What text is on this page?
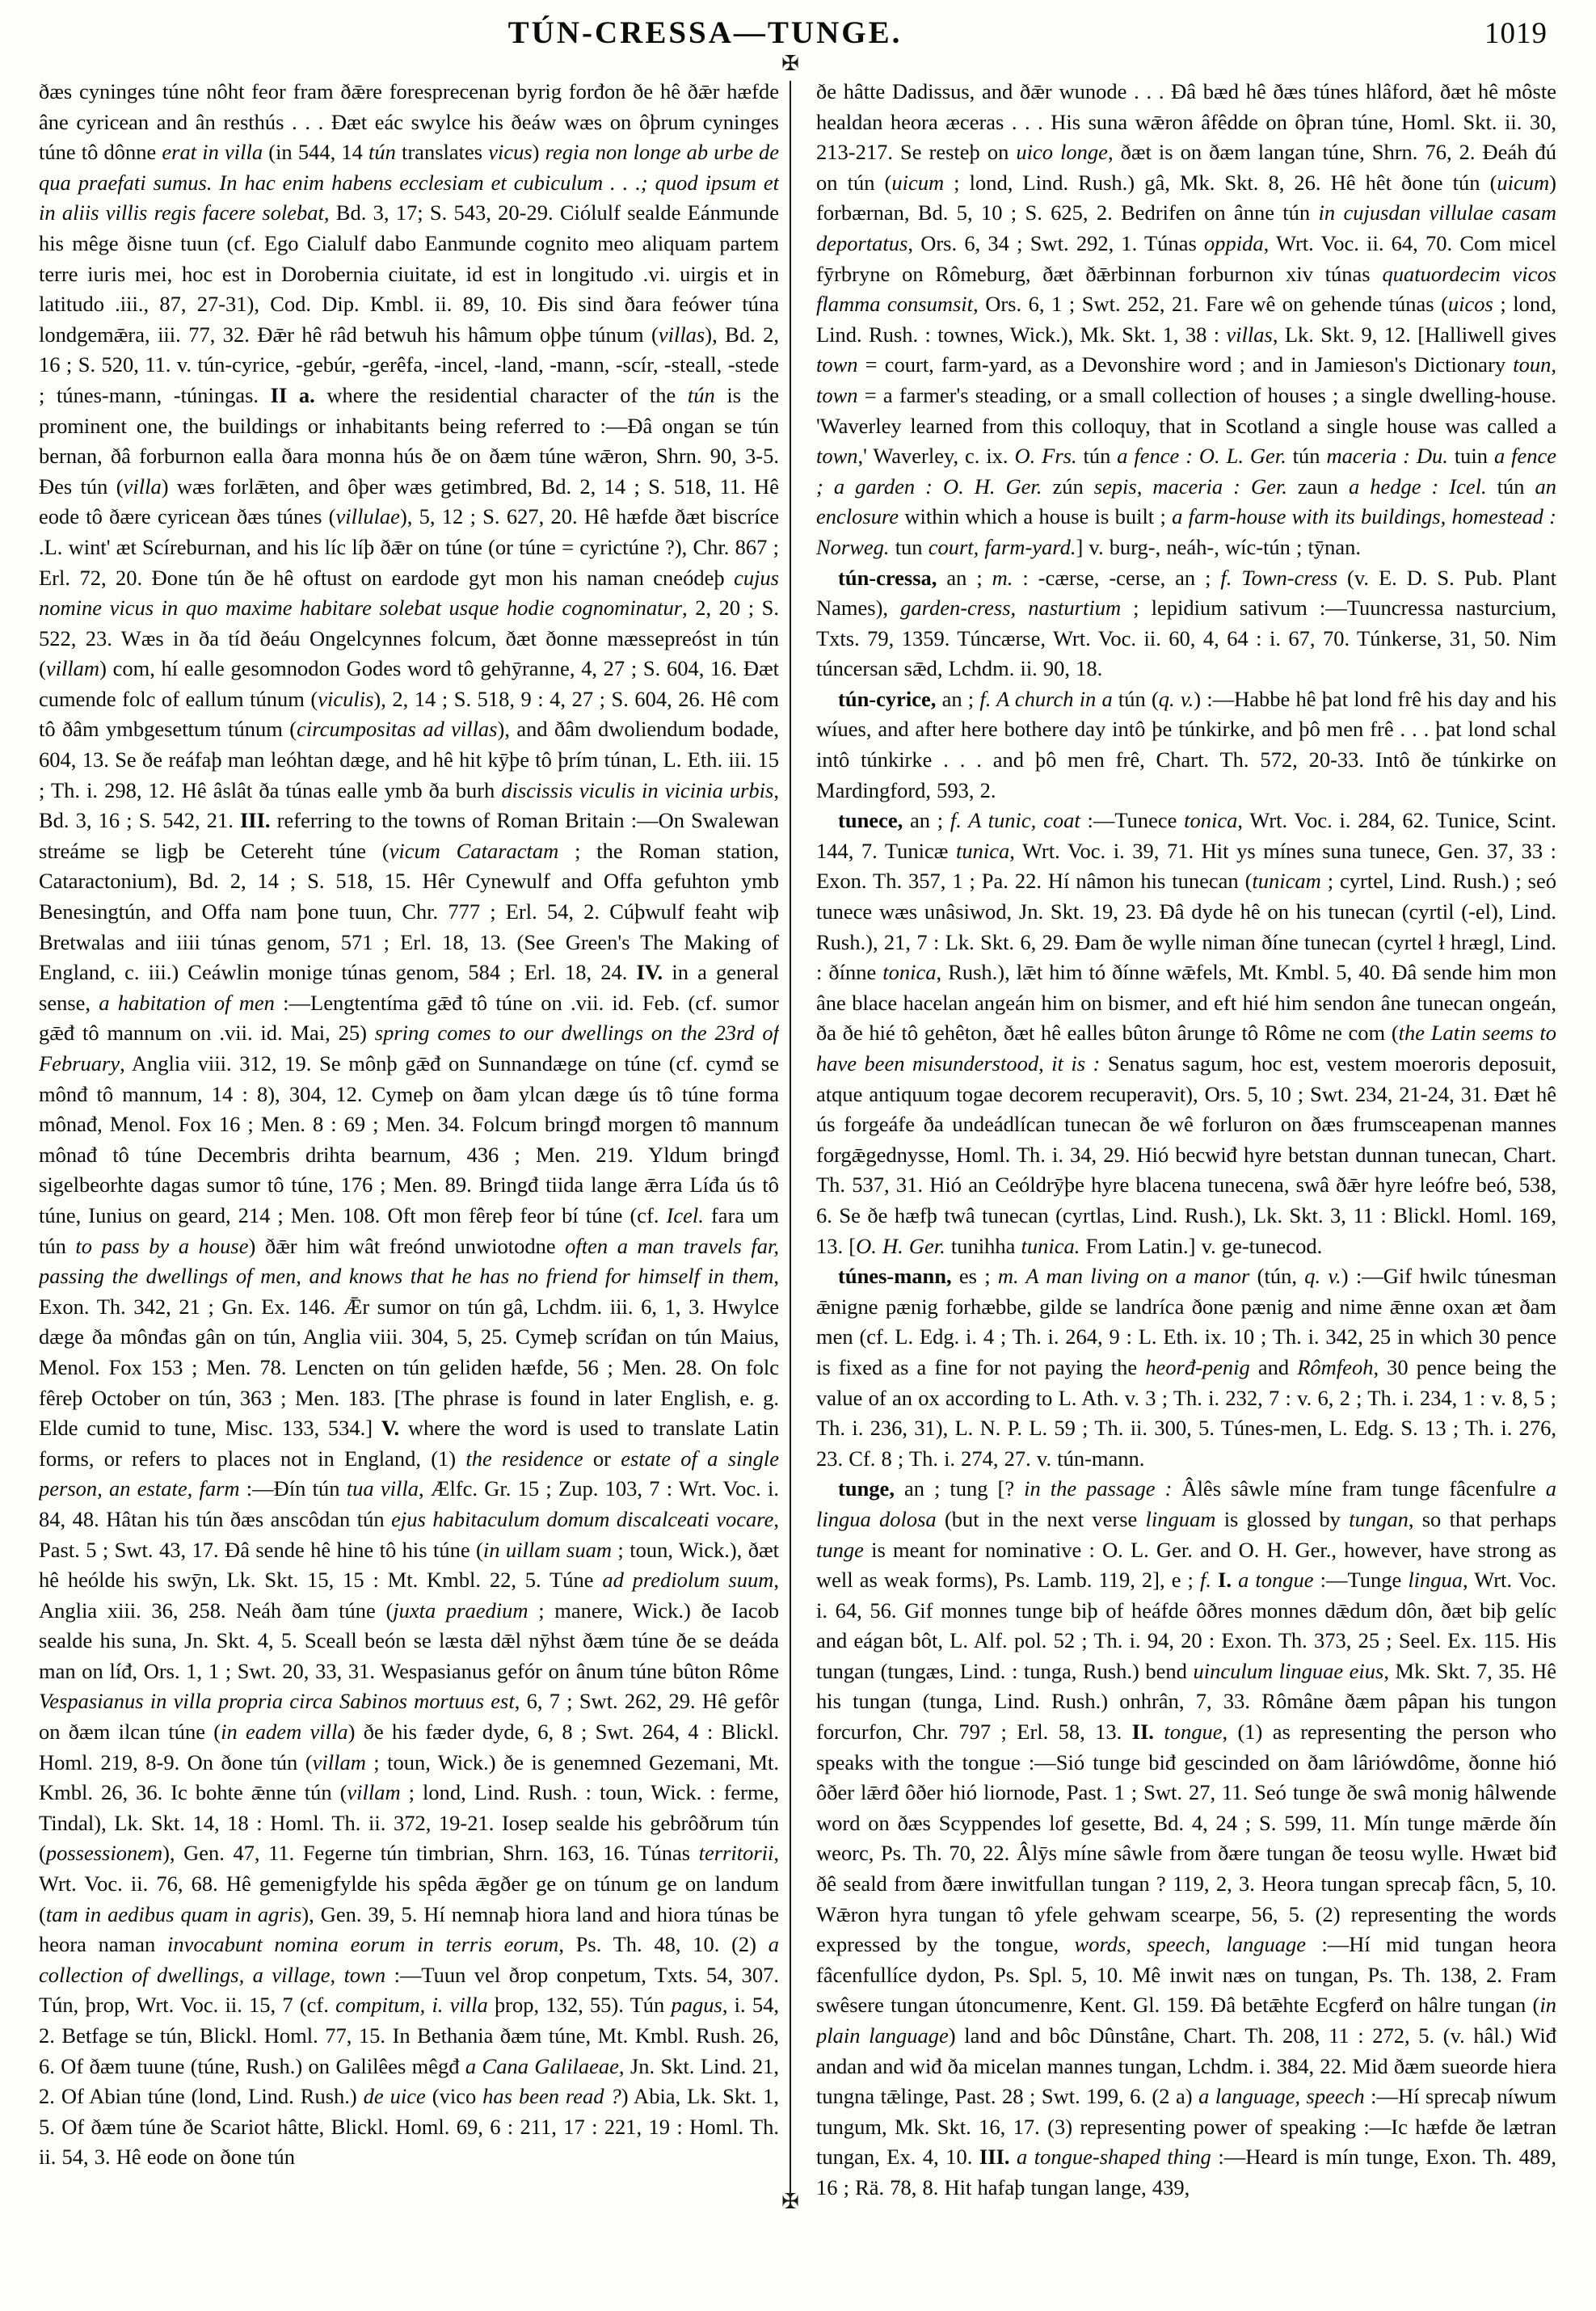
TÚN-CRESSA—TUNGE.	1019
✠
✠

ðæs cyninges túne nôht feor fram ðǣre foresprecenan byrig forđon ðe hê ðǣr hæfde âne cyricean and ân resthús . . . Ðæt eác swylce his ðeáw wæs on ôþrum cyninges túne tô dônne erat in villa (in 544, 14 tún translates vicus) regia non longe ab urbe de qua praefati sumus. In hac enim habens ecclesiam et cubiculum . . .; quod ipsum et in aliis villis regis facere solebat, Bd. 3, 17; S. 543, 20-29. Ciólulf sealde Eánmunde his mêge ðisne tuun (cf. Ego Cialulf dabo Eanmunde cognito meo aliquam partem terre iuris mei, hoc est in Dorobernia ciuitate, id est in longitudo .vi. uirgis et in latitudo .iii., 87, 27-31), Cod. Dip. Kmbl. ii. 89, 10. Ðis sind ðara feówer túna londgemǣra, iii. 77, 32. Ðǣr hê râd betwuh his hâmum oþþe túnum (villas), Bd. 2, 16 ; S. 520, 11. v. tún-cyrice, -gebúr, -gerêfa, -incel, -land, -mann, -scír, -steall, -stede ; túnes-mann, -túningas. II a. where the residential character of the tún is the prominent one, the buildings or inhabitants being referred to :—Ðâ ongan se tún bernan, ðâ forburnon ealla ðara monna hús ðe on ðæm túne wǣron, Shrn. 90, 3-5. Ðes tún (villa) wæs forlǣten, and ôþer wæs getimbred, Bd. 2, 14 ; S. 518, 11. Hê eode tô ðære cyricean ðæs túnes (villulae), 5, 12 ; S. 627, 20. Hê hæfde ðæt biscríce .L. wint' æt Scíreburnan, and his líc líþ ðǣr on túne (or túne = cyrictúne ?), Chr. 867 ; Erl. 72, 20. Ðone tún ðe hê oftust on eardode gyt mon his naman cneódeþ cujus nomine vicus in quo maxime habitare solebat usque hodie cognominatur, 2, 20 ; S. 522, 23. Wæs in ða tíd ðeáu Ongelcynnes folcum, ðæt ðonne mæssepreóst in tún (villam) com, hí ealle gesomnodon Godes word tô gehȳranne, 4, 27 ; S. 604, 16. Ðæt cumende folc of eallum túnum (viculis), 2, 14 ; S. 518, 9 : 4, 27 ; S. 604, 26. Hê com tô ðâm ymbgesettum túnum (circumpositas ad villas), and ðâm dwoliendum bodade, 604, 13. Se ðe reáfaþ man leóhtan dæge, and hê hit kȳþe tô þrím túnan, L. Eth. iii. 15 ; Th. i. 298, 12. Hê âslât ða túnas ealle ymb ða burh discissis viculis in vicinia urbis, Bd. 3, 16 ; S. 542, 21. III. referring to the towns of Roman Britain :—On Swalewan streáme se ligþ be Cetereht túne (vicum Cataractam ; the Roman station, Cataractonium), Bd. 2, 14 ; S. 518, 15. Hêr Cynewulf and Offa gefuhton ymb Benesingtún, and Offa nam þone tuun, Chr. 777 ; Erl. 54, 2. Cúþwulf feaht wiþ Bretwalas and iiii túnas genom, 571 ; Erl. 18, 13. (See Green's The Making of England, c. iii.) Ceáwlin monige túnas genom, 584 ; Erl. 18, 24. IV. in a general sense, a habitation of men :—Lengtentíma gǣđ tô túne on .vii. id. Feb. (cf. sumor gǣđ tô mannum on .vii. id. Mai, 25) spring comes to our dwellings on the 23rd of February, Anglia viii. 312, 19. Se mônþ gǣđ on Sunnandæge on túne (cf. cymđ se mônđ tô mannum, 14 : 8), 304, 12. Cymeþ on ðam ylcan dæge ús tô túne forma mônađ, Menol. Fox 16 ; Men. 8 : 69 ; Men. 34. Folcum bringđ morgen tô mannum mônađ tô túne Decembris drihta bearnum, 436 ; Men. 219. Yldum bringđ sigelbeorhte dagas sumor tô túne, 176 ; Men. 89. Bringđ tiida lange ǣrra Líđa ús tô túne, Iunius on geard, 214 ; Men. 108. Oft mon fêreþ feor bí túne (cf. Icel. fara um tún to pass by a house) ðǣr him wât freónd unwiotodne often a man travels far, passing the dwellings of men, and knows that he has no friend for himself in them, Exon. Th. 342, 21 ; Gn. Ex. 146. Ǣr sumor on tún gâ, Lchdm. iii. 6, 1, 3. Hwylce dæge ða mônđas gân on tún, Anglia viii. 304, 5, 25. Cymeþ scríđan on tún Maius, Menol. Fox 153 ; Men. 78. Lencten on tún geliden hæfde, 56 ; Men. 28. On folc fêreþ October on tún, 363 ; Men. 183. [The phrase is found in later English, e. g. Elde cumid to tune, Misc. 133, 534.] V. where the word is used to translate Latin forms, or refers to places not in England, (1) the residence or estate of a single person, an estate, farm :—Ðín tún tua villa, Ælfc. Gr. 15 ; Zup. 103, 7 : Wrt. Voc. i. 84, 48. Hâtan his tún ðæs anscôdan tún ejus habitaculum domum discalceati vocare, Past. 5 ; Swt. 43, 17. Ðâ sende hê hine tô his túne (in uillam suam ; toun, Wick.), ðæt hê heólde his swȳn, Lk. Skt. 15, 15 : Mt. Kmbl. 22, 5. Túne ad prediolum suum, Anglia xiii. 36, 258. Neáh ðam túne (juxta praedium ; manere, Wick.) ðe Iacob sealde his suna, Jn. Skt. 4, 5. Sceall beón se læsta dǣl nȳhst ðæm túne ðe se deáda man on líđ, Ors. 1, 1 ; Swt. 20, 33, 31. Wespasianus gefór on ânum túne bûton Rôme Vespasianus in villa propria circa Sabinos mortuus est, 6, 7 ; Swt. 262, 29. Hê gefôr on ðæm ilcan túne (in eadem villa) ðe his fæder dyde, 6, 8 ; Swt. 264, 4 : Blickl. Homl. 219, 8-9. On ðone tún (villam ; toun, Wick.) ðe is genemned Gezemani, Mt. Kmbl. 26, 36. Ic bohte ǣnne tún (villam ; lond, Lind. Rush. : toun, Wick. : ferme, Tindal), Lk. Skt. 14, 18 : Homl. Th. ii. 372, 19-21. Iosep sealde his gebrôðrum tún (possessionem), Gen. 47, 11. Fegerne tún timbrian, Shrn. 163, 16. Túnas territorii, Wrt. Voc. ii. 76, 68. Hê gemenigfylde his spêda ǣgðer ge on túnum ge on landum (tam in aedibus quam in agris), Gen. 39, 5. Hí nemnaþ hiora land and hiora túnas be heora naman invocabunt nomina eorum in terris eorum, Ps. Th. 48, 10. (2) a collection of dwellings, a village, town :—Tuun vel ðrop conpetum, Txts. 54, 307. Tún, þrop, Wrt. Voc. ii. 15, 7 (cf. compitum, i. villa þrop, 132, 55). Tún pagus, i. 54, 2. Betfage se tún, Blickl. Homl. 77, 15. In Bethania ðæm túne, Mt. Kmbl. Rush. 26, 6. Of ðæm tuune (túne, Rush.) on Galilêes mêgđ a Cana Galilaeae, Jn. Skt. Lind. 21, 2. Of Abian túne (lond, Lind. Rush.) de uice (vico has been read ?) Abia, Lk. Skt. 1, 5. Of ðæm túne ðe Scariot hâtte, Blickl. Homl. 69, 6 : 211, 17 : 221, 19 : Homl. Th. ii. 54, 3. Hê eode on ðone tún

ðe hâtte Dadissus, and ðǣr wunode . . . Ðâ bæd hê ðæs túnes hlâford, ðæt hê môste healdan heora æceras . . . His suna wǣron âfêdde on ôþran túne, Homl. Skt. ii. 30, 213-217. Se resteþ on uico longe, ðæt is on ðæm langan túne, Shrn. 76, 2. Ðeáh đú on tún (uicum ; lond, Lind. Rush.) gâ, Mk. Skt. 8, 26. Hê hêt ðone tún (uicum) forbærnan, Bd. 5, 10 ; S. 625, 2. Bedrifen on ânne tún in cujusdan villulae casam deportatus, Ors. 6, 34 ; Swt. 292, 1. Túnas oppida, Wrt. Voc. ii. 64, 70. Com micel fȳrbryne on Rômeburg, ðæt ðǣrbinnan forburnon xiv túnas quatuordecim vicos flamma consumsit, Ors. 6, 1 ; Swt. 252, 21. Fare wê on gehende túnas (uicos ; lond, Lind. Rush. : townes, Wick.), Mk. Skt. 1, 38 : villas, Lk. Skt. 9, 12. [Halliwell gives town = court, farm-yard, as a Devonshire word ; and in Jamieson's Dictionary toun, town = a farmer's steading, or a small collection of houses ; a single dwelling-house. 'Waverley learned from this colloquy, that in Scotland a single house was called a town,' Waverley, c. ix. O. Frs. tún a fence : O. L. Ger. tún maceria : Du. tuin a fence ; a garden : O. H. Ger. zún sepis, maceria : Ger. zaun a hedge : Icel. tún an enclosure within which a house is built ; a farm-house with its buildings, homestead : Norweg. tun court, farm-yard.] v. burg-, neáh-, wíc-tún ; tȳnan.

tún-cressa, an ; m. : -cærse, -cerse, an ; f. Town-cress (v. E. D. S. Pub. Plant Names), garden-cress, nasturtium ; lepidium sativum :—Tuuncressa nasturcium, Txts. 79, 1359. Túncærse, Wrt. Voc. ii. 60, 4, 64 : i. 67, 70. Túnkerse, 31, 50. Nim túncersan sǣd, Lchdm. ii. 90, 18.

tún-cyrice, an ; f. A church in a tún (q. v.) :—Habbe hê þat lond frê his day and his wíues, and after here bothere day intô þe túnkirke, and þô men frê . . . þat lond schal intô túnkirke . . . and þô men frê, Chart. Th. 572, 20-33. Intô ðe túnkirke on Mardingford, 593, 2.

tunece, an ; f. A tunic, coat :—Tunece tonica, Wrt. Voc. i. 284, 62. Tunice, Scint. 144, 7. Tunicæ tunica, Wrt. Voc. i. 39, 71. Hit ys mínes suna tunece, Gen. 37, 33 : Exon. Th. 357, 1 ; Pa. 22. Hí nâmon his tunecan (tunicam ; cyrtel, Lind. Rush.) ; seó tunece wæs unâsiwod, Jn. Skt. 19, 23. Ðâ dyde hê on his tunecan (cyrtil (-el), Lind. Rush.), 21, 7 : Lk. Skt. 6, 29. Ðam ðe wylle niman ðíne tunecan (cyrtel ł hrægl, Lind. : ðínne tonica, Rush.), lǣt him tó ðínne wǣfels, Mt. Kmbl. 5, 40. Ðâ sende him mon âne blace hacelan angeán him on bismer, and eft hié him sendon âne tunecan ongeán, ða ðe hié tô gehêton, ðæt hê ealles bûton ârunge tô Rôme ne com (the Latin seems to have been misunderstood, it is : Senatus sagum, hoc est, vestem moeroris deposuit, atque antiquum togae decorem recuperavit), Ors. 5, 10 ; Swt. 234, 21-24, 31. Ðæt hê ús forgeáfe ða undeádlícan tunecan ðe wê forluron on ðæs frumsceapenan mannes forgǣgednysse, Homl. Th. i. 34, 29. Hió becwiđ hyre betstan dunnan tunecan, Chart. Th. 537, 31. Hió an Ceóldrȳþe hyre blacena tunecena, swâ ðǣr hyre leófre beó, 538, 6. Se ðe hæfþ twâ tunecan (cyrtlas, Lind. Rush.), Lk. Skt. 3, 11 : Blickl. Homl. 169, 13. [O. H. Ger. tunihha tunica. From Latin.] v. ge-tunecod.

túnes-mann, es ; m. A man living on a manor (tún, q. v.) :—Gif hwilc túnesman ǣnigne pænig forhæbbe, gilde se landríca ðone pænig and nime ǣnne oxan æt ðam men (cf. L. Edg. i. 4 ; Th. i. 264, 9 : L. Eth. ix. 10 ; Th. i. 342, 25 in which 30 pence is fixed as a fine for not paying the heorđ-penig and Rômfeoh, 30 pence being the value of an ox according to L. Ath. v. 3 ; Th. i. 232, 7 : v. 6, 2 ; Th. i. 234, 1 : v. 8, 5 ; Th. i. 236, 31), L. N. P. L. 59 ; Th. ii. 300, 5. Túnes-men, L. Edg. S. 13 ; Th. i. 276, 23. Cf. 8 ; Th. i. 274, 27. v. tún-mann.

tunge, an ; tung [? in the passage : Âlês sâwle míne fram tunge fâcenfulre a lingua dolosa (but in the next verse linguam is glossed by tungan, so that perhaps tunge is meant for nominative : O. L. Ger. and O. H. Ger., however, have strong as well as weak forms), Ps. Lamb. 119, 2], e ; f. I. a tongue :—Tunge lingua, Wrt. Voc. i. 64, 56. Gif monnes tunge biþ of heáfde ôðres monnes dǣdum dôn, ðæt biþ gelíc and eágan bôt, L. Alf. pol. 52 ; Th. i. 94, 20 : Exon. Th. 373, 25 ; Seel. Ex. 115. His tungan (tungæs, Lind. : tunga, Rush.) bend uinculum linguae eius, Mk. Skt. 7, 35. Hê his tungan (tunga, Lind. Rush.) onhrân, 7, 33. Rômâne ðæm pâpan his tungon forcurfon, Chr. 797 ; Erl. 58, 13. II. tongue, (1) as representing the person who speaks with the tongue :—Sió tunge biđ gescinded on ðam lâriówdôme, ðonne hió ôðer lǣrđ ôðer hió liornode, Past. 1 ; Swt. 27, 11. Seó tunge ðe swâ monig hâlwende word on ðæs Scyppendes lof gesette, Bd. 4, 24 ; S. 599, 11. Mín tunge mǣrde ðín weorc, Ps. Th. 70, 22. Âlȳs míne sâwle from ðære tungan ðe teosu wylle. Hwæt biđ ðê seald from ðære inwitfullan tungan ? 119, 2, 3. Heora tungan sprecaþ fâcn, 5, 10. Wǣron hyra tungan tô yfele gehwam scearpe, 56, 5. (2) representing the words expressed by the tongue, words, speech, language :—Hí mid tungan heora fâcenfullíce dydon, Ps. Spl. 5, 10. Mê inwit næs on tungan, Ps. Th. 138, 2. Fram swêsere tungan útoncumenre, Kent. Gl. 159. Ðâ betǣhte Ecgferđ on hâlre tungan (in plain language) land and bôc Dûnstâne, Chart. Th. 208, 11 : 272, 5. (v. hâl.) Wiđ andan and wiđ ða micelan mannes tungan, Lchdm. i. 384, 22. Mid ðæm sueorde hiera tungna tǣlinge, Past. 28 ; Swt. 199, 6. (2 a) a language, speech :—Hí sprecaþ níwum tungum, Mk. Skt. 16, 17. (3) representing power of speaking :—Ic hæfde ðe lætran tungan, Ex. 4, 10. III. a tongue-shaped thing :—Heard is mín tunge, Exon. Th. 489, 16 ; Rä. 78, 8. Hit hafaþ tungan lange, 439,
